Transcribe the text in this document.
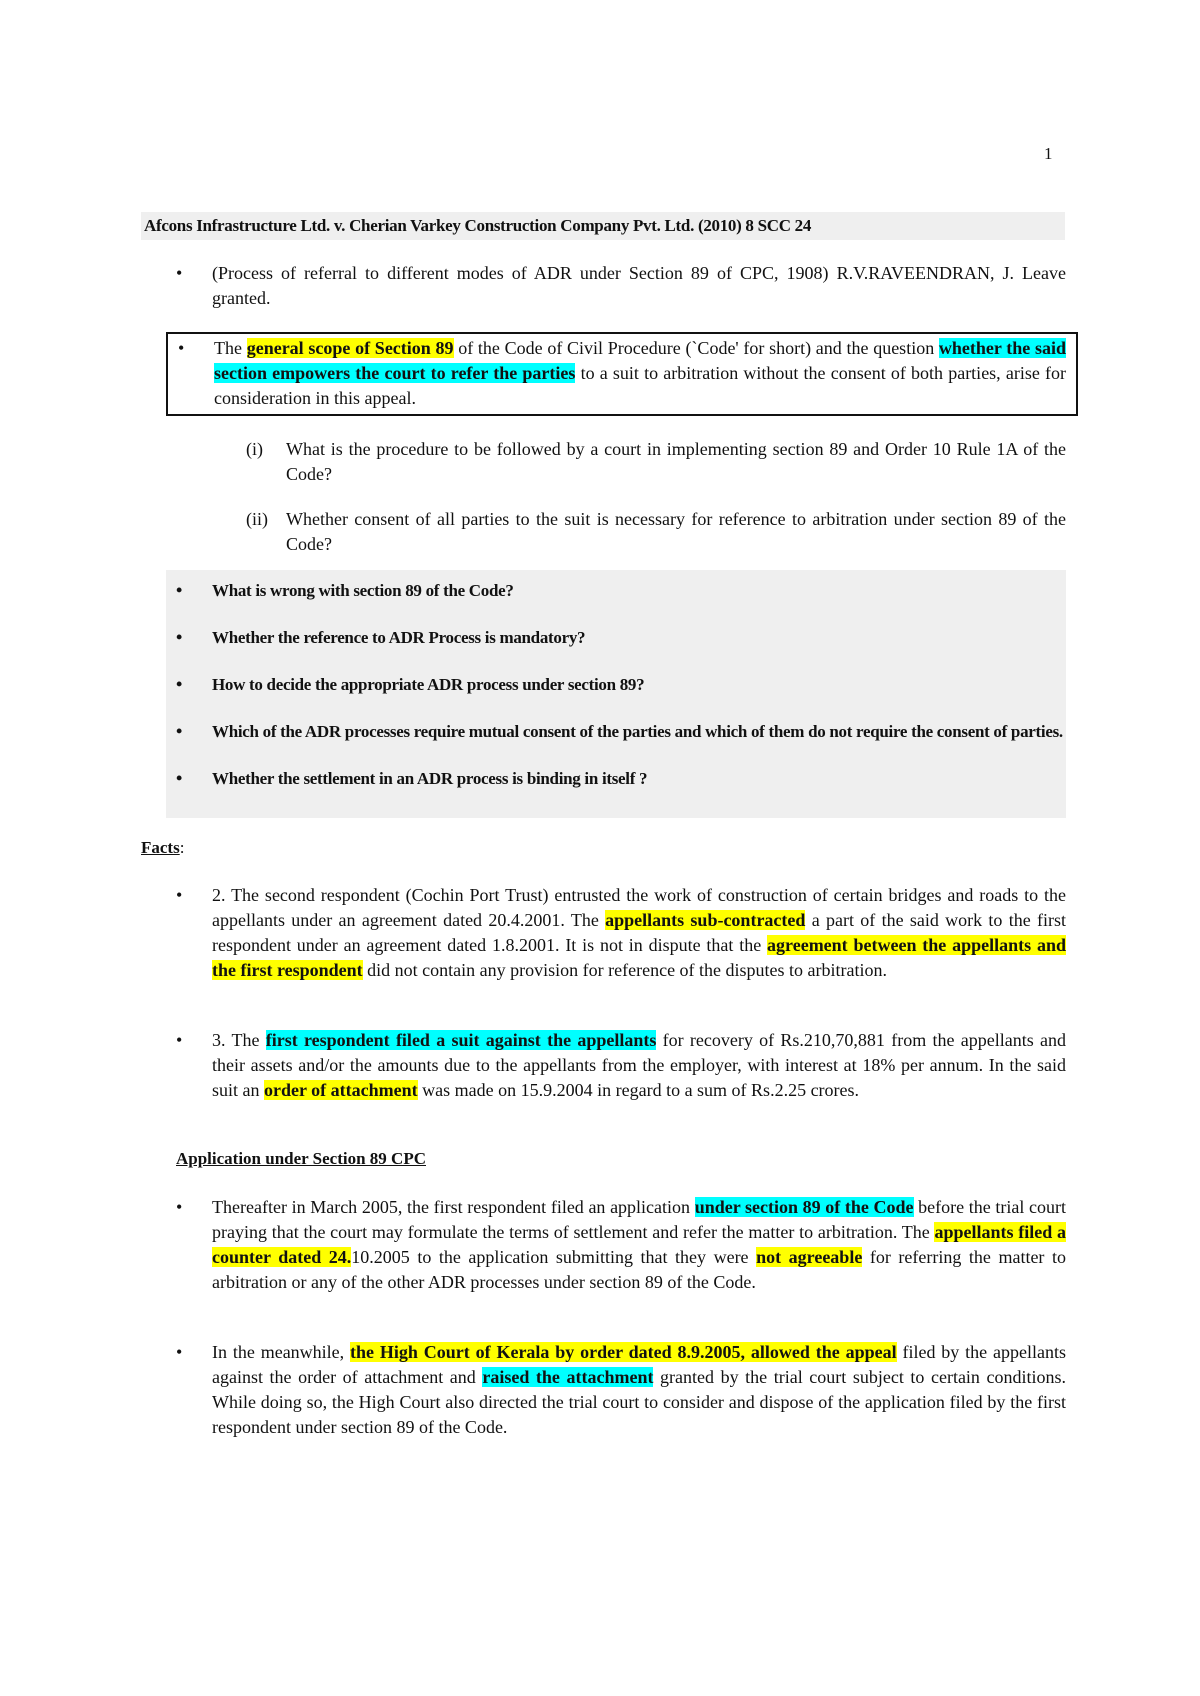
1
Afcons Infrastructure Ltd. v. Cherian Varkey Construction Company Pvt. Ltd. (2010) 8 SCC 24
• (Process of referral to different modes of ADR under Section 89 of CPC, 1908) R.V.RAVEENDRAN, J. Leave granted.
• The general scope of Section 89 of the Code of Civil Procedure (`Code' for short) and the question whether the said section empowers the court to refer the parties to a suit to arbitration without the consent of both parties, arise for consideration in this appeal.
(i) What is the procedure to be followed by a court in implementing section 89 and Order 10 Rule 1A of the Code?
(ii) Whether consent of all parties to the suit is necessary for reference to arbitration under section 89 of the Code?
• What is wrong with section 89 of the Code?
• Whether the reference to ADR Process is mandatory?
• How to decide the appropriate ADR process under section 89?
• Which of the ADR processes require mutual consent of the parties and which of them do not require the consent of parties.
• Whether the settlement in an ADR process is binding in itself ?
Facts:
• 2. The second respondent (Cochin Port Trust) entrusted the work of construction of certain bridges and roads to the appellants under an agreement dated 20.4.2001. The appellants sub-contracted a part of the said work to the first respondent under an agreement dated 1.8.2001. It is not in dispute that the agreement between the appellants and the first respondent did not contain any provision for reference of the disputes to arbitration.
• 3. The first respondent filed a suit against the appellants for recovery of Rs.210,70,881 from the appellants and their assets and/or the amounts due to the appellants from the employer, with interest at 18% per annum. In the said suit an order of attachment was made on 15.9.2004 in regard to a sum of Rs.2.25 crores.
Application under Section 89 CPC
• Thereafter in March 2005, the first respondent filed an application under section 89 of the Code before the trial court praying that the court may formulate the terms of settlement and refer the matter to arbitration. The appellants filed a counter dated 24.10.2005 to the application submitting that they were not agreeable for referring the matter to arbitration or any of the other ADR processes under section 89 of the Code.
• In the meanwhile, the High Court of Kerala by order dated 8.9.2005, allowed the appeal filed by the appellants against the order of attachment and raised the attachment granted by the trial court subject to certain conditions. While doing so, the High Court also directed the trial court to consider and dispose of the application filed by the first respondent under section 89 of the Code.
